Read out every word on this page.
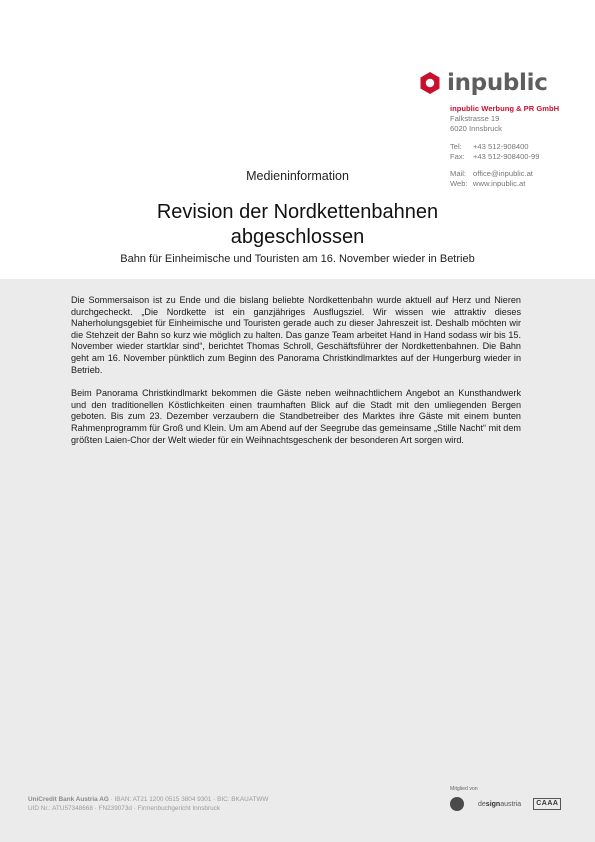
inpublic
inpublic Werbung & PR GmbH
Falkstrasse 19
6020 Innsbruck
Tel:	+43 512-908400
Fax:	+43 512-908400-99
Mail: office@inpublic.at
Web: www.inpublic.at
Medieninformation
Revision der Nordkettenbahnen
abgeschlossen
Bahn für Einheimische und Touristen am 16. November wieder in Betrieb

Die Sommersaison ist zu Ende und die bislang beliebte Nordkettenbahn wurde aktuell auf Herz und Nieren durchgecheckt. „Die Nordkette ist ein ganzjähriges Ausflugsziel. Wir wissen wie attraktiv dieses Naherholungsgebiet für Einheimische und Touristen gerade auch zu dieser Jahreszeit ist. Deshalb möchten wir die Stehzeit der Bahn so kurz wie möglich zu halten. Das ganze Team arbeitet Hand in Hand sodass wir bis 15. November wieder startklar sind“, berichtet Thomas Schroll, Geschäftsführer der Nordkettenbahnen. Die Bahn geht am 16. November pünktlich zum Beginn des Panorama Christkindlmarktes auf der Hungerburg wieder in Betrieb.

Beim Panorama Christkindlmarkt bekommen die Gäste neben weihnachtlichem Angebot an Kunsthandwerk und den traditionellen Köstlichkeiten einen traumhaften Blick auf die Stadt mit den umliegenden Bergen geboten. Bis zum 23. Dezember verzaubern die Standbetreiber des Marktes ihre Gäste mit einem bunten Rahmenprogramm für Groß und Klein. Um am Abend auf der Seegrube das gemeinsame „Stille Nacht“ mit dem größten Laien-Chor der Welt wieder für ein Weihnachtsgeschenk der besonderen Art sorgen wird.

UniCredit Bank Austria AG · IBAN: AT21 1200 0515 3804 9301 · BIC: BKAUATWW
UID Nr.: ATU57348668 · FN239073d · Firmenbuchgericht Innsbruck
Mitglied von
designaustria	CAAA
